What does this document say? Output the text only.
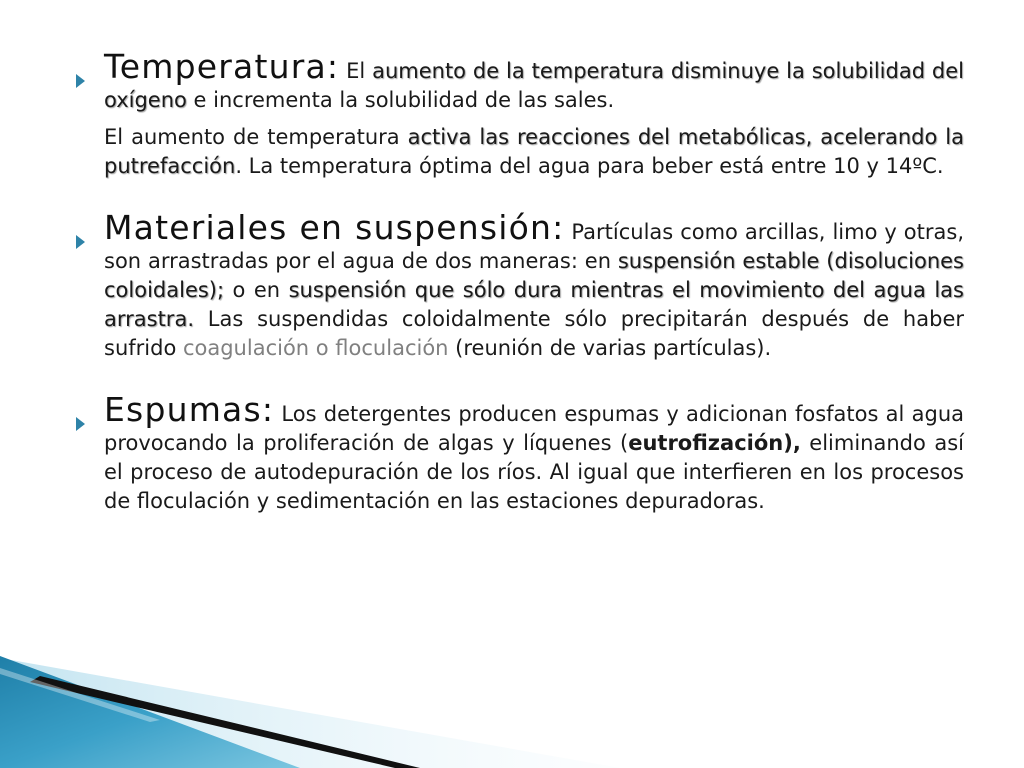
Temperatura: El aumento de la temperatura disminuye la solubilidad del oxígeno e incrementa la solubilidad de las sales.

El aumento de temperatura activa las reacciones del metabólicas, acelerando la putrefacción. La temperatura óptima del agua para beber está entre 10 y 14ºC.

Materiales en suspensión: Partículas como arcillas, limo y otras, son arrastradas por el agua de dos maneras: en suspensión estable (disoluciones coloidales); o en suspensión que sólo dura mientras el movimiento del agua las arrastra. Las suspendidas coloidalmente sólo precipitarán después de haber sufrido coagulación o floculación (reunión de varias partículas).

Espumas: Los detergentes producen espumas y adicionan fosfatos al agua provocando la proliferación de algas y líquenes (eutrofización), eliminando así el proceso de autodepuración de los ríos. Al igual que interfieren en los procesos de floculación y sedimentación en las estaciones depuradoras.
